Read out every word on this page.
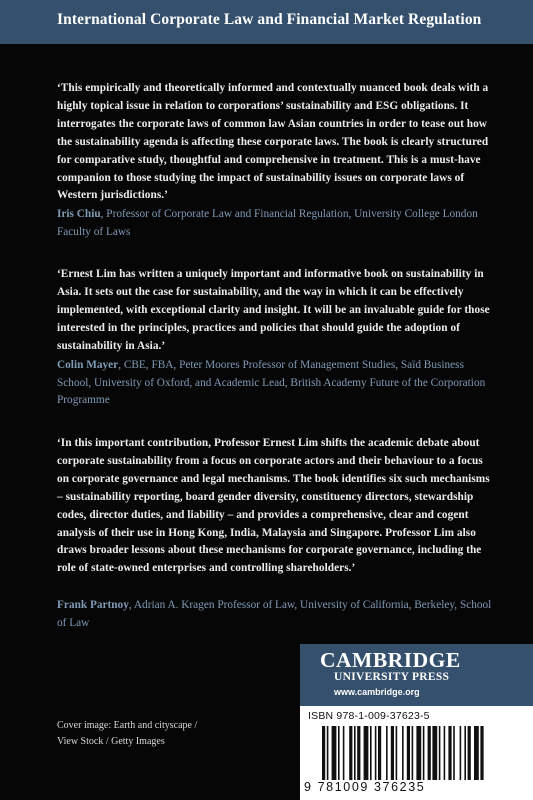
International Corporate Law and Financial Market Regulation
‘This empirically and theoretically informed and contextually nuanced book deals with a highly topical issue in relation to corporations’ sustainability and ESG obligations. It interrogates the corporate laws of common law Asian countries in order to tease out how the sustainability agenda is affecting these corporate laws. The book is clearly structured for comparative study, thoughtful and comprehensive in treatment. This is a must-have companion to those studying the impact of sustainability issues on corporate laws of Western jurisdictions.’
Iris Chiu, Professor of Corporate Law and Financial Regulation, University College London Faculty of Laws
‘Ernest Lim has written a uniquely important and informative book on sustainability in Asia. It sets out the case for sustainability, and the way in which it can be effectively implemented, with exceptional clarity and insight. It will be an invaluable guide for those interested in the principles, practices and policies that should guide the adoption of sustainability in Asia.’
Colin Mayer, CBE, FBA, Peter Moores Professor of Management Studies, Saïd Business School, University of Oxford, and Academic Lead, British Academy Future of the Corporation Programme
‘In this important contribution, Professor Ernest Lim shifts the academic debate about corporate sustainability from a focus on corporate actors and their behaviour to a focus on corporate governance and legal mechanisms. The book identifies six such mechanisms – sustainability reporting, board gender diversity, constituency directors, stewardship codes, director duties, and liability – and provides a comprehensive, clear and cogent analysis of their use in Hong Kong, India, Malaysia and Singapore. Professor Lim also draws broader lessons about these mechanisms for corporate governance, including the role of state-owned enterprises and controlling shareholders.’
Frank Partnoy, Adrian A. Kragen Professor of Law, University of California, Berkeley, School of Law
Cover image: Earth and cityscape /
View Stock / Getty Images
CAMBRIDGE
UNIVERSITY PRESS
www.cambridge.org
ISBN 978-1-009-37623-5
9 781009 376235
